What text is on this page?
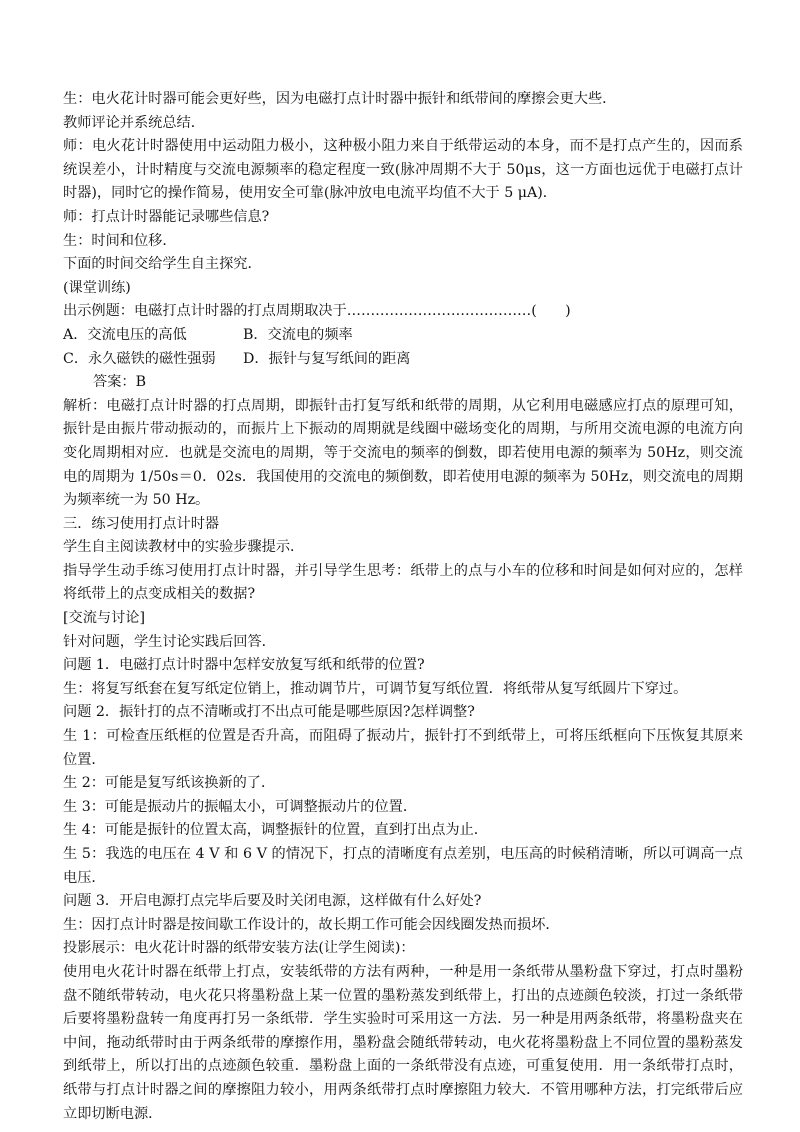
生：电火花计时器可能会更好些，因为电磁打点计时器中振针和纸带间的摩擦会更大些．
教师评论并系统总结．
师：电火花计时器使用中运动阻力极小，这种极小阻力来自于纸带运动的本身，而不是打点产生的，因而系统误差小，计时精度与交流电源频率的稳定程度一致(脉冲周期不大于 50μs，这一方面也远优于电磁打点计时器)，同时它的操作简易，使用安全可靠(脉冲放电电流平均值不大于 5 μA)．
师：打点计时器能记录哪些信息?
生：时间和位移．
下面的时间交给学生自主探究．
(课堂训练)
出示例题：电磁打点计时器的打点周期取决于…………………………………(　　)
A．交流电压的高低	B．交流电的频率
C．永久磁铁的磁性强弱	D．振针与复写纸间的距离
答案：B
解析：电磁打点计时器的打点周期，即振针击打复写纸和纸带的周期，从它利用电磁感应打点的原理可知，振针是由振片带动振动的，而振片上下振动的周期就是线圈中磁场变化的周期，与所用交流电源的电流方向变化周期相对应．也就是交流电的周期，等于交流电的频率的倒数，即若使用电源的频率为 50Hz，则交流电的周期为 1/50s＝0．02s．我国使用的交流电的频倒数，即若使用电源的频率为 50Hz，则交流电的周期为频率统一为 50 Hz。
三．练习使用打点计时器
学生自主阅读教材中的实验步骤提示．
指导学生动手练习使用打点计时器，并引导学生思考：纸带上的点与小车的位移和时间是如何对应的，怎样将纸带上的点变成相关的数据?
[交流与讨论]
针对问题，学生讨论实践后回答．
问题 1．电磁打点计时器中怎样安放复写纸和纸带的位置?
生：将复写纸套在复写纸定位销上，推动调节片，可调节复写纸位置．将纸带从复写纸圆片下穿过。
问题 2．振针打的点不清晰或打不出点可能是哪些原因?怎样调整?
生 1：可检查压纸框的位置是否升高，而阻碍了振动片，振针打不到纸带上，可将压纸框向下压恢复其原来位置．
生 2：可能是复写纸该换新的了．
生 3：可能是振动片的振幅太小，可调整振动片的位置．
生 4：可能是振针的位置太高，调整振针的位置，直到打出点为止．
生 5：我选的电压在 4 V 和 6 V 的情况下，打点的清晰度有点差别，电压高的时候稍清晰，所以可调高一点电压．
问题 3．开启电源打点完毕后要及时关闭电源，这样做有什么好处?
生：因打点计时器是按间歇工作设计的，故长期工作可能会因线圈发热而损坏．
投影展示：电火花计时器的纸带安装方法(让学生阅读)：
使用电火花计时器在纸带上打点，安装纸带的方法有两种，一种是用一条纸带从墨粉盘下穿过，打点时墨粉盘不随纸带转动，电火花只将墨粉盘上某一位置的墨粉蒸发到纸带上，打出的点迹颜色较淡，打过一条纸带后要将墨粉盘转一角度再打另一条纸带．学生实验时可采用这一方法．另一种是用两条纸带，将墨粉盘夹在中间，拖动纸带时由于两条纸带的摩擦作用，墨粉盘会随纸带转动，电火花将墨粉盘上不同位置的墨粉蒸发到纸带上，所以打出的点迹颜色较重．墨粉盘上面的一条纸带没有点迹，可重复使用．用一条纸带打点时，纸带与打点计时器之间的摩擦阻力较小，用两条纸带打点时摩擦阻力较大．不管用哪种方法，打完纸带后应立即切断电源．
